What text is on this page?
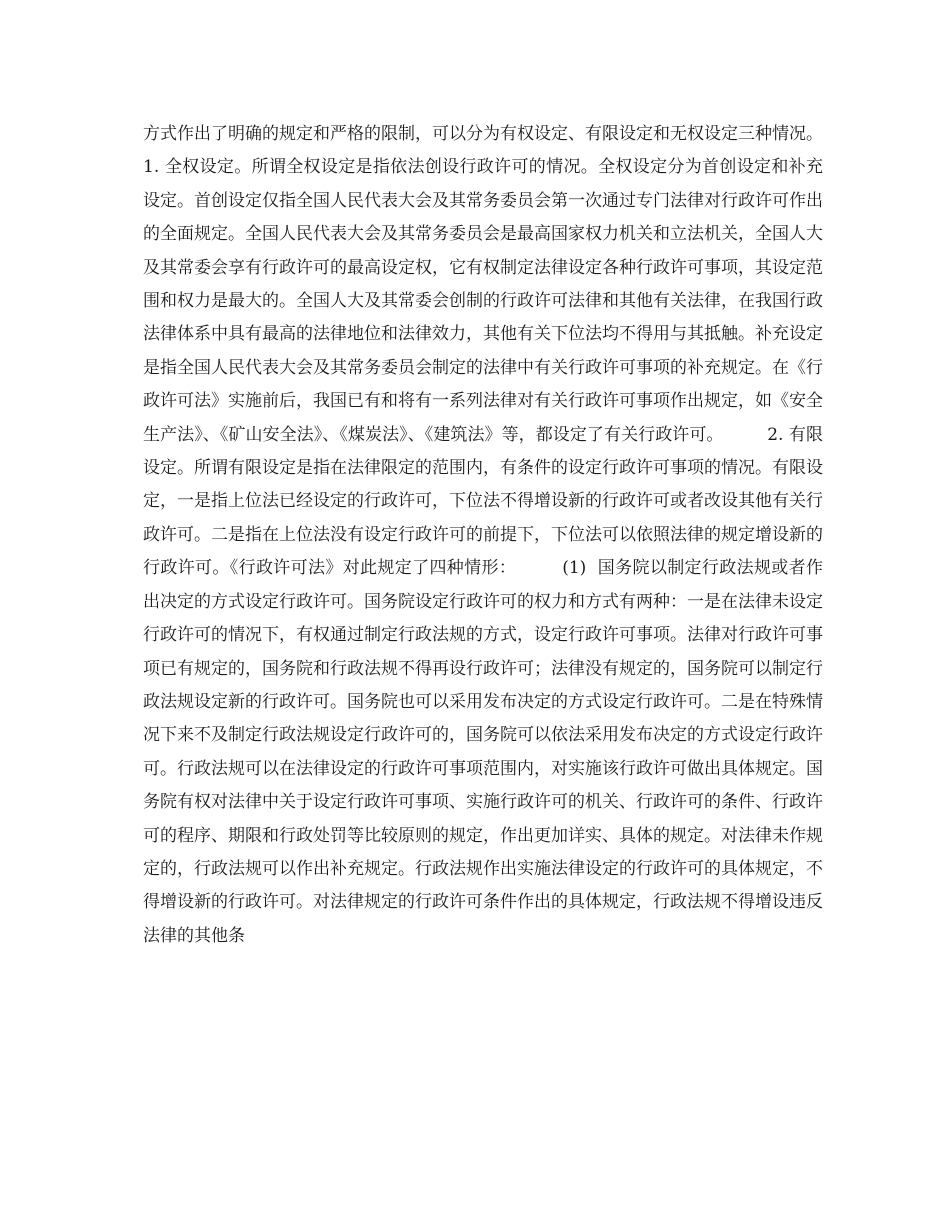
方式作出了明确的规定和严格的限制，可以分为有权设定、有限设定和无权设定三种情况。        1. 全权设定。所谓全权设定是指依法创设行政许可的情况。全权设定分为首创设定和补充设定。首创设定仅指全国人民代表大会及其常务委员会第一次通过专门法律对行政许可作出的全面规定。全国人民代表大会及其常务委员会是最高国家权力机关和立法机关，全国人大及其常委会享有行政许可的最高设定权，它有权制定法律设定各种行政许可事项，其设定范围和权力是最大的。全国人大及其常委会创制的行政许可法律和其他有关法律，在我国行政法律体系中具有最高的法律地位和法律效力，其他有关下位法均不得用与其抵触。补充设定是指全国人民代表大会及其常务委员会制定的法律中有关行政许可事项的补充规定。在《行政许可法》实施前后，我国已有和将有一系列法律对有关行政许可事项作出规定，如《安全生产法》、《矿山安全法》、《煤炭法》、《建筑法》等，都设定了有关行政许可。        2. 有限设定。所谓有限设定是指在法律限定的范围内，有条件的设定行政许可事项的情况。有限设定，一是指上位法已经设定的行政许可，下位法不得增设新的行政许可或者改设其他有关行政许可。二是指在上位法没有设定行政许可的前提下，下位法可以依照法律的规定增设新的行政许可。《行政许可法》对此规定了四种情形：        (1)  国务院以制定行政法规或者作出决定的方式设定行政许可。国务院设定行政许可的权力和方式有两种：一是在法律未设定行政许可的情况下，有权通过制定行政法规的方式，设定行政许可事项。法律对行政许可事项已有规定的，国务院和行政法规不得再设行政许可；法律没有规定的，国务院可以制定行政法规设定新的行政许可。国务院也可以采用发布决定的方式设定行政许可。二是在特殊情况下来不及制定行政法规设定行政许可的，国务院可以依法采用发布决定的方式设定行政许可。行政法规可以在法律设定的行政许可事项范围内，对实施该行政许可做出具体规定。国务院有权对法律中关于设定行政许可事项、实施行政许可的机关、行政许可的条件、行政许可的程序、期限和行政处罚等比较原则的规定，作出更加详实、具体的规定。对法律未作规定的，行政法规可以作出补充规定。行政法规作出实施法律设定的行政许可的具体规定，不得增设新的行政许可。对法律规定的行政许可条件作出的具体规定，行政法规不得增设违反法律的其他条
